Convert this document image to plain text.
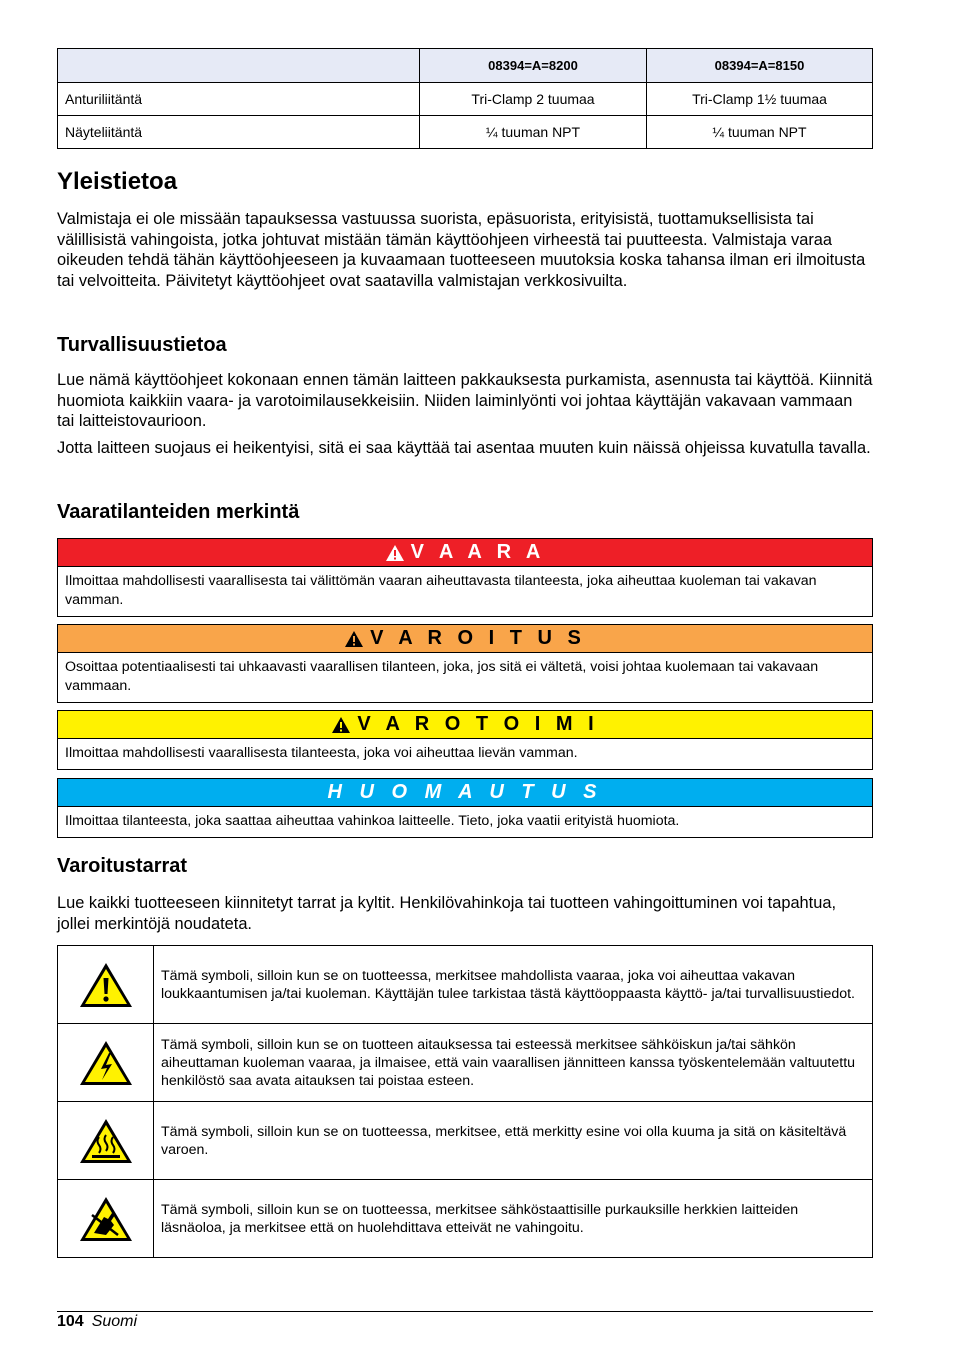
	08394=A=8200	08394=A=8150
Anturiliitäntä	Tri-Clamp 2 tuumaa	Tri-Clamp 1½ tuumaa
Näyteliitäntä	¼ tuuman NPT	¼ tuuman NPT
Yleistietoa

Valmistaja ei ole missään tapauksessa vastuussa suorista, epäsuorista, erityisistä, tuottamuksellisista tai välillisistä vahingoista, jotka johtuvat mistään tämän käyttöohjeen virheestä tai puutteesta. Valmistaja varaa oikeuden tehdä tähän käyttöohjeeseen ja kuvaamaan tuotteeseen muutoksia koska tahansa ilman eri ilmoitusta tai velvoitteita. Päivitetyt käyttöohjeet ovat saatavilla valmistajan verkkosivuilta.

Turvallisuustietoa

Lue nämä käyttöohjeet kokonaan ennen tämän laitteen pakkauksesta purkamista, asennusta tai käyttöä. Kiinnitä huomiota kaikkiin vaara- ja varotoimilausekkeisiin. Niiden laiminlyönti voi johtaa käyttäjän vakavaan vammaan tai laitteistovaurioon.

Jotta laitteen suojaus ei heikentyisi, sitä ei saa käyttää tai asentaa muuten kuin näissä ohjeissa kuvatulla tavalla.

Vaaratilanteiden merkintä
V A A R A
Ilmoittaa mahdollisesti vaarallisesta tai välittömän vaaran aiheuttavasta tilanteesta, joka aiheuttaa kuoleman tai vakavan vamman.
V A R O I T U S
Osoittaa potentiaalisesti tai uhkaavasti vaarallisen tilanteen, joka, jos sitä ei vältetä, voisi johtaa kuolemaan tai vakavaan vammaan.
V A R O T O I M I
Ilmoittaa mahdollisesti vaarallisesta tilanteesta, joka voi aiheuttaa lievän vamman.
H U O M A U T U S
Ilmoittaa tilanteesta, joka saattaa aiheuttaa vahinkoa laitteelle. Tieto, joka vaatii erityistä huomiota.
Varoitustarrat

Lue kaikki tuotteeseen kiinnitetyt tarrat ja kyltit. Henkilövahinkoja tai tuotteen vahingoittuminen voi tapahtua, jollei merkintöjä noudateta.

	Tämä symboli, silloin kun se on tuotteessa, merkitsee mahdollista vaaraa, joka voi aiheuttaa vakavan loukkaantumisen ja/tai kuoleman. Käyttäjän tulee tarkistaa tästä käyttöoppaasta käyttö- ja/tai turvallisuustiedot.

	Tämä symboli, silloin kun se on tuotteen aitauksessa tai esteessä merkitsee sähköiskun ja/tai sähkön aiheuttaman kuoleman vaaraa, ja ilmaisee, että vain vaarallisen jännitteen kanssa työskentelemään valtuutettu henkilöstö saa avata aitauksen tai poistaa esteen.

	Tämä symboli, silloin kun se on tuotteessa, merkitsee, että merkitty esine voi olla kuuma ja sitä on käsiteltävä varoen.

	Tämä symboli, silloin kun se on tuotteessa, merkitsee sähköstaattisille purkauksille herkkien laitteiden läsnäoloa, ja merkitsee että on huolehdittava etteivät ne vahingoitu.
104 Suomi
